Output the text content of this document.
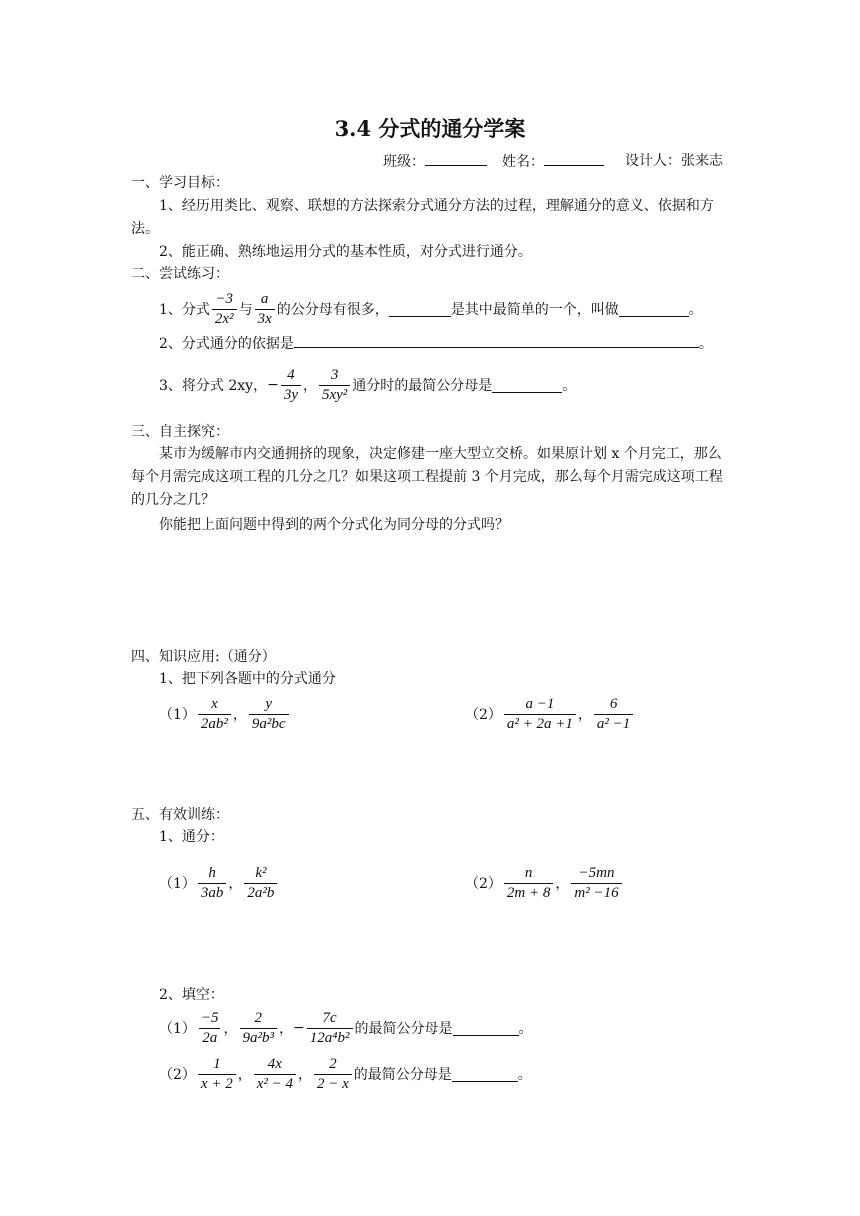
3.4 分式的通分学案
班级：	姓名：	设计人：张来志
一、学习目标：
1、经历用类比、观察、联想的方法探索分式通分方法的过程，理解通分的意义、依据和方法。
2、能正确、熟练地运用分式的基本性质，对分式进行通分。
二、尝试练习：
1、分式 $\frac{-3}{\text{2x²}}$ 与 $\frac{a}{3x}$ 的公分母有很多，	是其中最简单的一个，叫做	。
2、分式通分的依据是	。
3、将分式 2xy， − $\frac{4}{3y}$ ， $\frac{3}{\text{5xy²}}$ 通分时的最简公分母是	。
三、自主探究：
某市为缓解市内交通拥挤的现象，决定修建一座大型立交桥。如果原计划 x 个月完工，那么每个月需完成这项工程的几分之几？如果这项工程提前 3 个月完成，那么每个月需完成这项工程的几分之几？
你能把上面问题中得到的两个分式化为同分母的分式吗？
四、知识应用:（通分）
1、把下列各题中的分式通分
$(1) \frac{x}{\text{2ab²}}$ ， $\frac{y}{\text{9a²bc}}$	$(2) \frac{a -1}{\text{a² + 2a +1}}$ ， $\frac{6}{\text{a² −1}}$
五、有效训练：
1、通分：
$(1) \frac{h}{3ab}$ ， $\frac{\text{k²}}{\text{2a²b}}$	$(2) \frac{n}{2m + 8}$ ， $\frac{-5mn}{\text{m² −16}}$
2、填空：
$(1) \frac{-5}{2a}$ ， $\frac{2}{\text{9a²b³}}$ ， − $\frac{7c}{\text{12a⁴b²}}$ 的最简公分母是	。
$(2) \frac{1}{x + 2}$ ， $\frac{4x}{\text{x² − 4}}$ ， $\frac{2}{2 - x}$ 的最简公分母是	。
